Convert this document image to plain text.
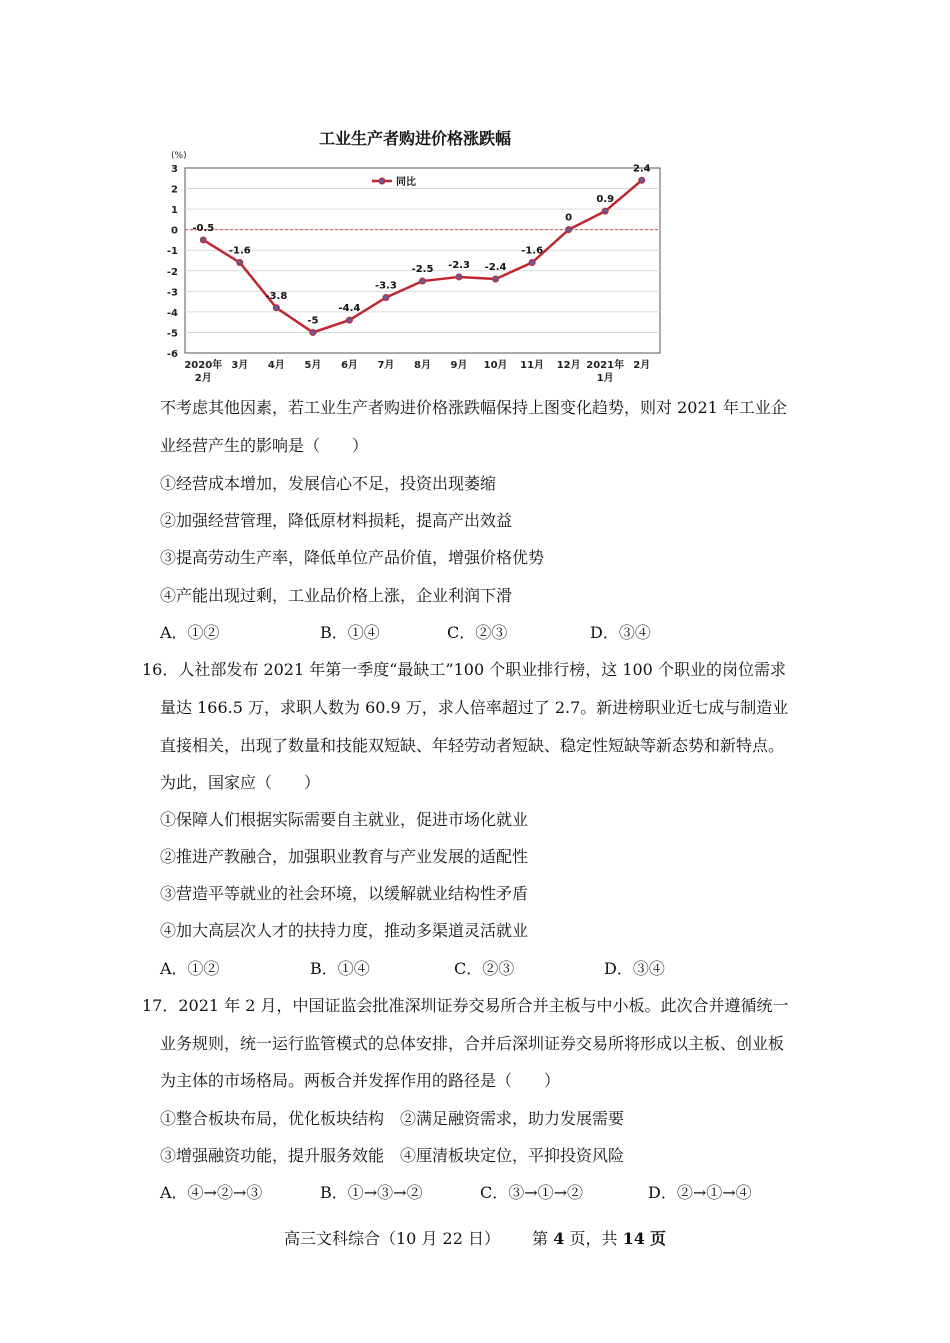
工业生产者购进价格涨跌幅
3
2
1
0
-1
-2
-3
-4
-5
-6
(%)
2020年
2月
3月 4月 5月 6月 7月 8月 9月 10月 11月 12月 2021年
1月
2月
-0.5
-1.6
-3.8
-5
-4.4
-3.3
-2.5 -2.3 -2.4
-1.6
0
0.9
2.4
同比
不考虑其他因素，若工业生产者购进价格涨跌幅保持上图变化趋势，则对 2021 年工业企
业经营产生的影响是（　　）
①经营成本增加，发展信心不足，投资出现萎缩
②加强经营管理，降低原材料损耗，提高产出效益
③提高劳动生产率，降低单位产品价值，增强价格优势
④产能出现过剩，工业品价格上涨，企业利润下滑
A．①②	B．①④	C．②③	D．③④
16．人社部发布 2021 年第一季度“最缺工”100 个职业排行榜，这 100 个职业的岗位需求
量达 166.5 万，求职人数为 60.9 万，求人倍率超过了 2.7。新进榜职业近七成与制造业
直接相关，出现了数量和技能双短缺、年轻劳动者短缺、稳定性短缺等新态势和新特点。
为此，国家应（　　）
①保障人们根据实际需要自主就业，促进市场化就业
②推进产教融合，加强职业教育与产业发展的适配性
③营造平等就业的社会环境，以缓解就业结构性矛盾
④加大高层次人才的扶持力度，推动多渠道灵活就业
A．①②	B．①④	C．②③	D．③④
17．2021 年 2 月，中国证监会批准深圳证券交易所合并主板与中小板。此次合并遵循统一
业务规则，统一运行监管模式的总体安排，合并后深圳证券交易所将形成以主板、创业板
为主体的市场格局。两板合并发挥作用的路径是（　　）
①整合板块布局，优化板块结构　②满足融资需求，助力发展需要
③增强融资功能，提升服务效能　④厘清板块定位，平抑投资风险
A．④→②→③	B．①→③→②	C．③→①→②	D．②→①→④
高三文科综合（10 月 22 日） 第 4 页，共 14 页
